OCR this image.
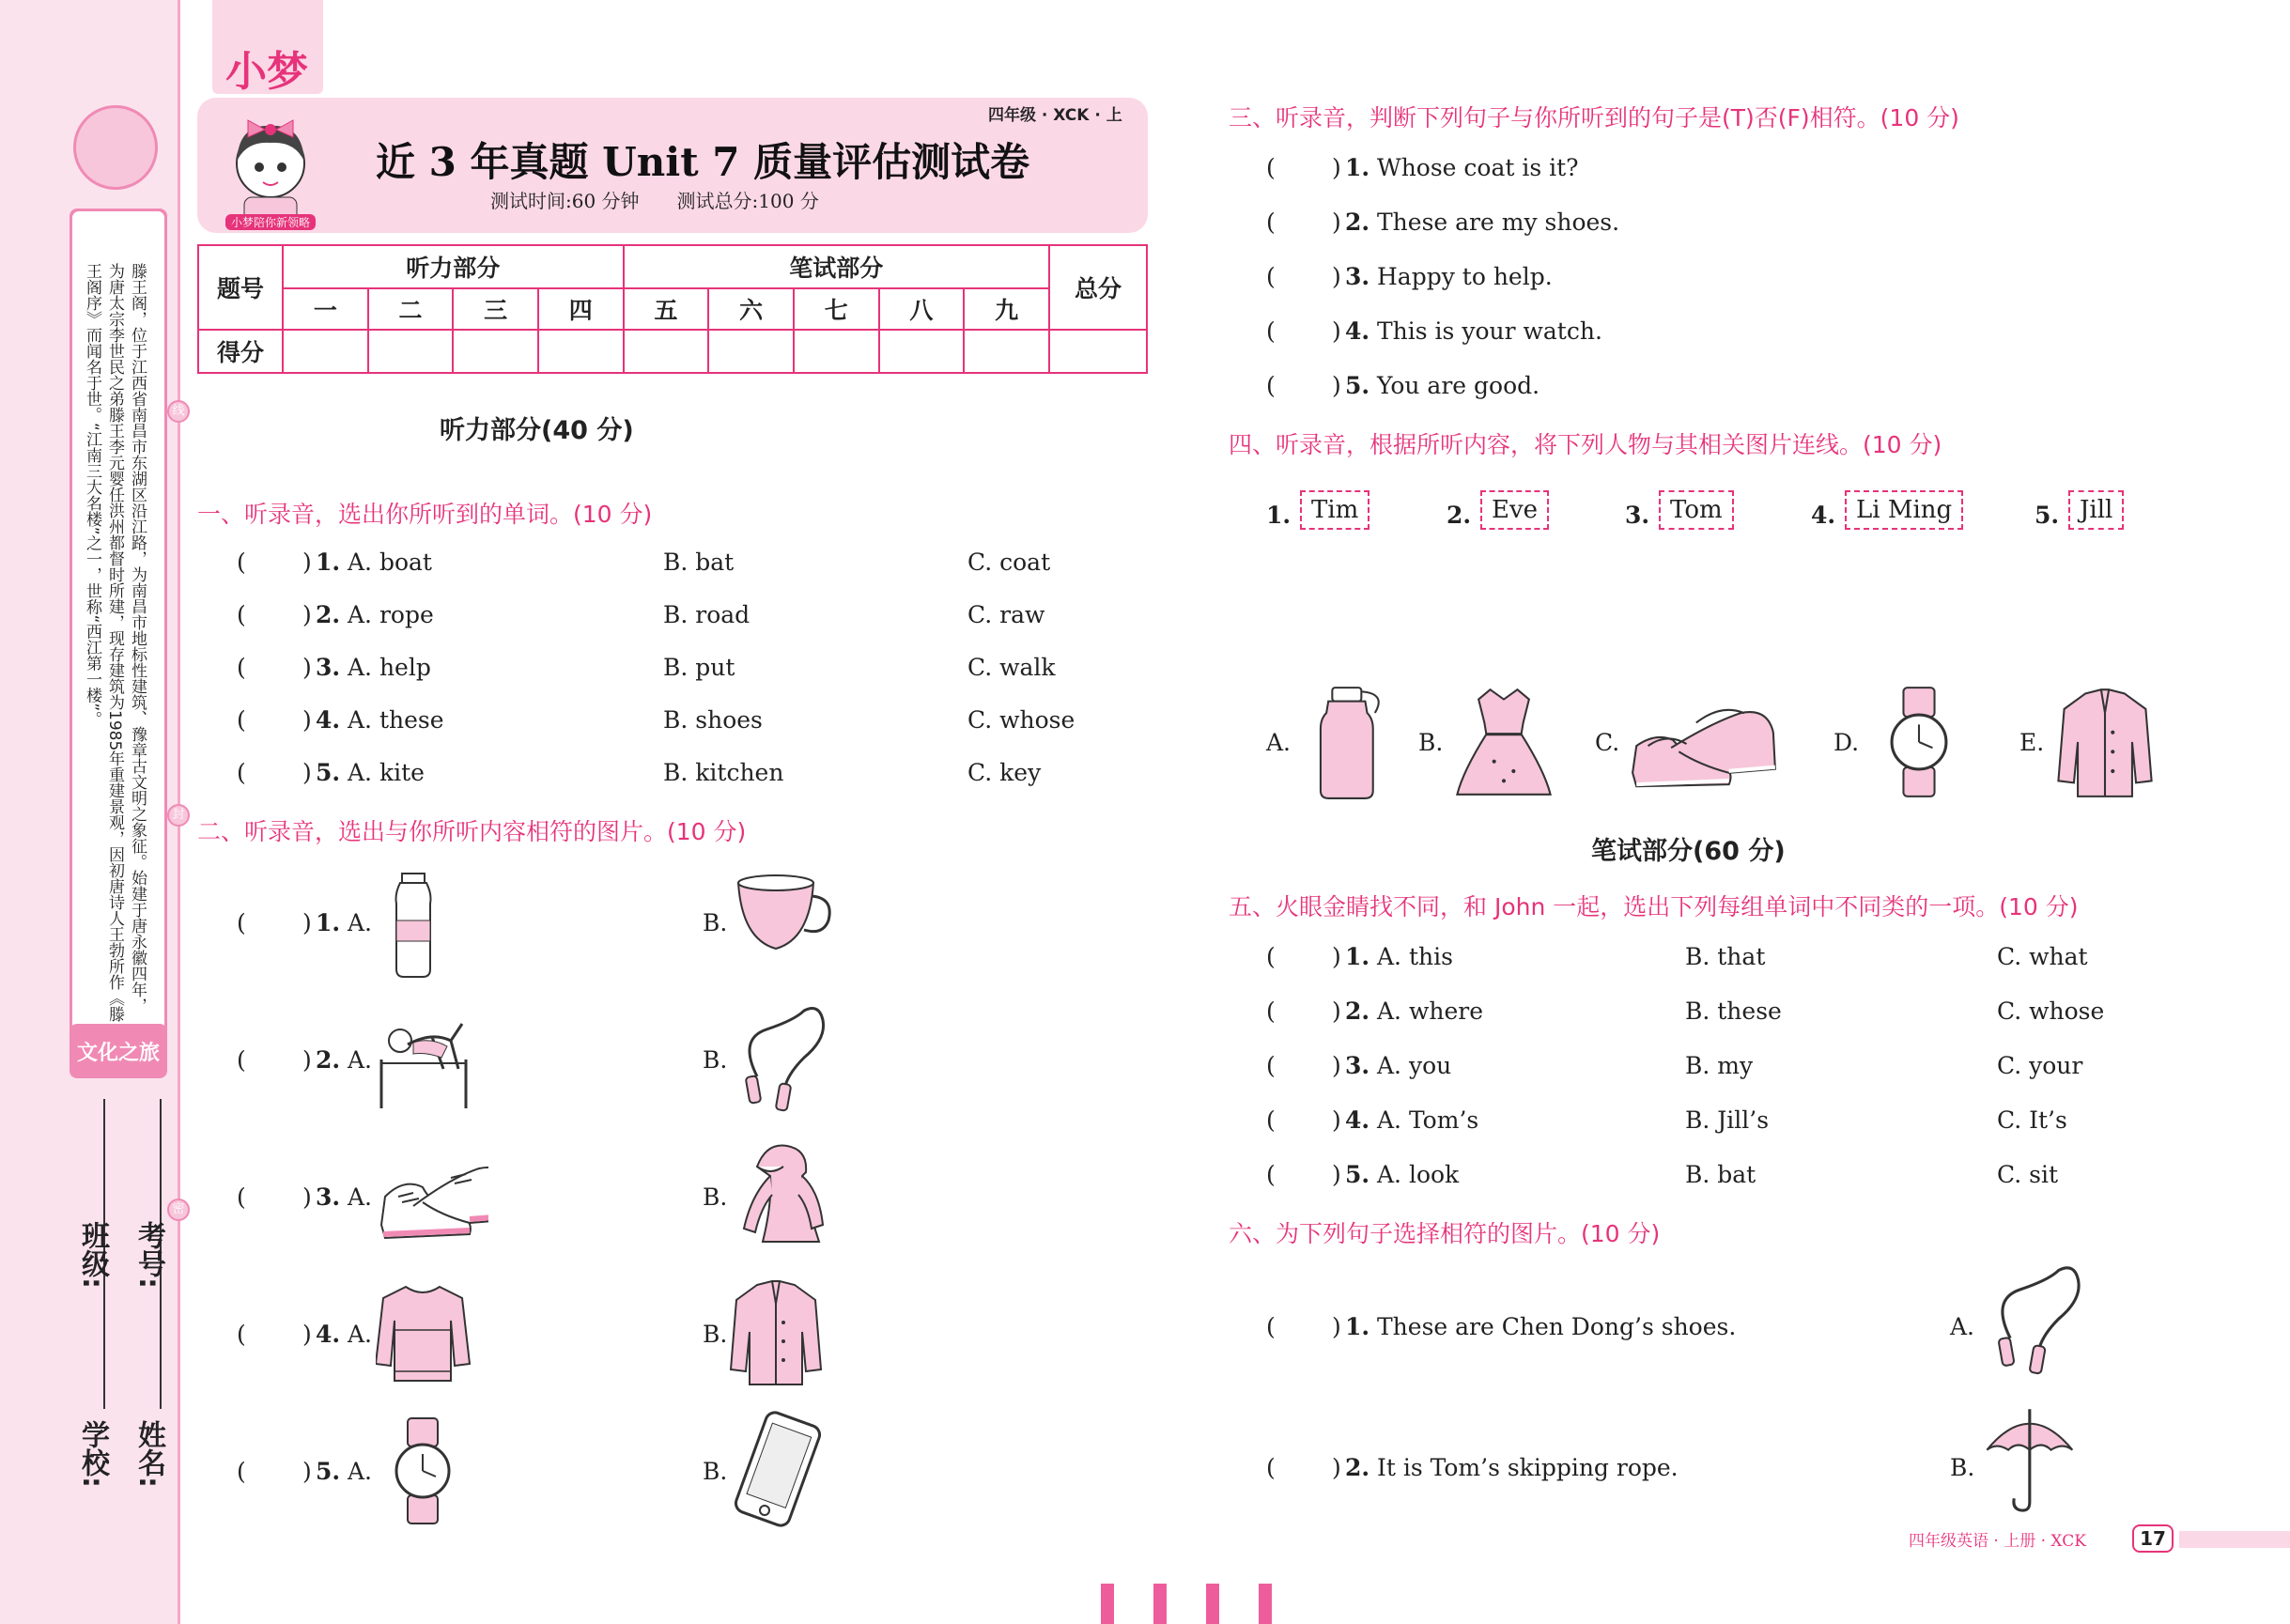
滕王阁，位于江西省南昌市东湖区沿江路，为南昌市地标性建筑、豫章古文明之象征。始建于唐永徽四年，为唐太宗李世民之弟滕王李元婴任洪州都督时所建，现存建筑为1985年重建景观，因初唐诗人王勃所作《滕王阁序》而闻名于世。“江南三大名楼”之一，世称“西江第一楼”。
文化之旅
线
封
密
学校:
班级:
姓名:
考号:
小梦
小梦陪你新领略
四年级 · XCK · 上
近 3 年真题 Unit 7 质量评估测试卷
测试时间:60 分钟　　测试总分:100 分
题号	听力部分				笔试部分					总分
	一	二	三	四	五	六	七	八	九	
得分										
听力部分(40 分)
一、听录音，选出你所听到的单词。(10 分)
二、听录音，选出与你所听内容相符的图片。(10 分)
三、听录音，判断下列句子与你所听到的句子是(T)否(F)相符。(10 分)
四、听录音，根据所听内容，将下列人物与其相关图片连线。(10 分)
笔试部分(60 分)
五、火眼金睛找不同，和 John 一起，选出下列每组单词中不同类的一项。(10 分)
六、为下列句子选择相符的图片。(10 分)
四年级英语 · 上册 · XCK	17
( ) 1. A. boat	B. bat	C. coat
( ) 2. A. rope	B. road	C. raw
( ) 3. A. help	B. put	C. walk
( ) 4. A. these	B. shoes	C. whose
( ) 5. A. kite	B. kitchen	C. key
( ) 1. A.	B.
( ) 2. A.	B.
( ) 3. A.	B.
( ) 4. A.	B.
( ) 5. A.	B.
( ) 1. Whose coat is it?
( ) 2. These are my shoes.
( ) 3. Happy to help.
( ) 4. This is your watch.
( ) 5. You are good.
1. Tim	2. Eve	3. Tom	4. Li Ming	5. Jill
A.	B.	C.	D.	E.
( ) 1. A. this	B. that	C. what
( ) 2. A. where	B. these	C. whose
( ) 3. A. you	B. my	C. your
( ) 4. A. Tom’s	B. Jill’s	C. It’s
( ) 5. A. look	B. bat	C. sit
( ) 1. These are Chen Dong’s shoes.	A.
( ) 2. It is Tom’s skipping rope.	B.
